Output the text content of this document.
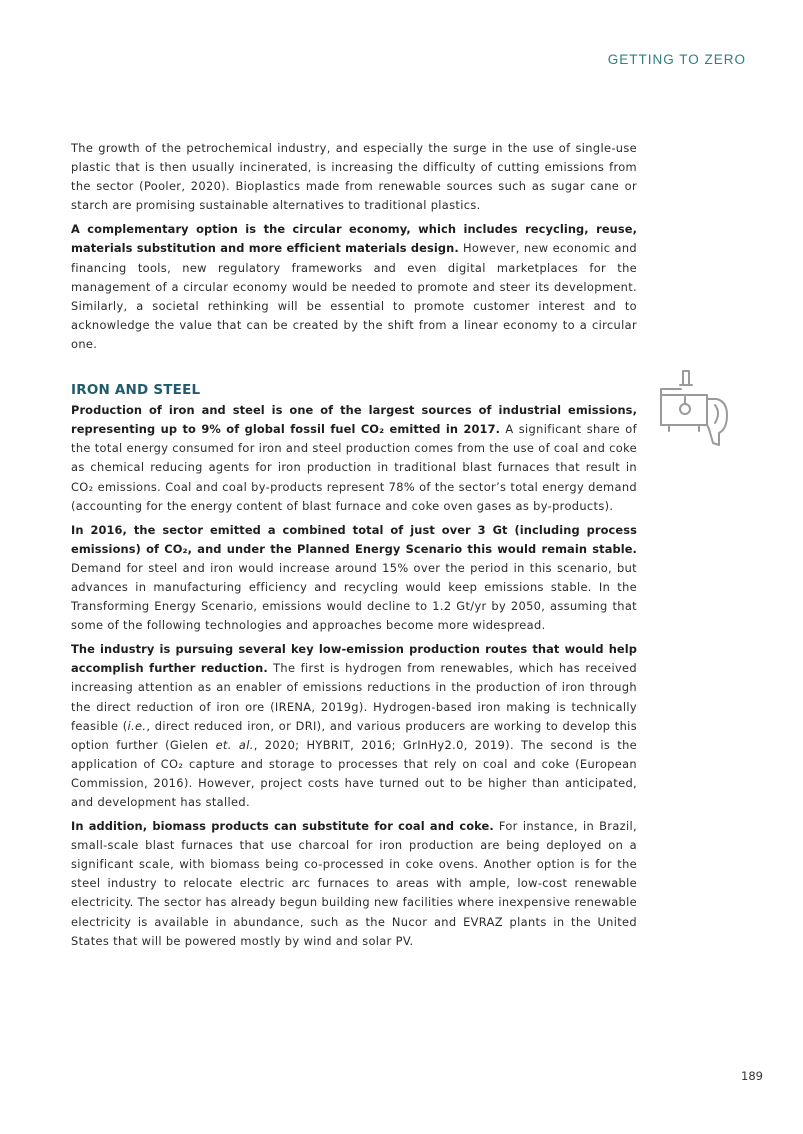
GETTING TO ZERO

The growth of the petrochemical industry, and especially the surge in the use of single-use plastic that is then usually incinerated, is increasing the difficulty of cutting emissions from the sector (Pooler, 2020). Bioplastics made from renewable sources such as sugar cane or starch are promising sustainable alternatives to traditional plastics.

A complementary option is the circular economy, which includes recycling, reuse, materials substitution and more efficient materials design. However, new economic and financing tools, new regulatory frameworks and even digital marketplaces for the management of a circular economy would be needed to promote and steer its development. Similarly, a societal rethinking will be essential to promote customer interest and to acknowledge the value that can be created by the shift from a linear economy to a circular one.

IRON AND STEEL

Production of iron and steel is one of the largest sources of industrial emissions, representing up to 9% of global fossil fuel CO₂ emitted in 2017. A significant share of the total energy consumed for iron and steel production comes from the use of coal and coke as chemical reducing agents for iron production in traditional blast furnaces that result in CO₂ emissions. Coal and coal by-products represent 78% of the sector’s total energy demand (accounting for the energy content of blast furnace and coke oven gases as by-products).

In 2016, the sector emitted a combined total of just over 3 Gt (including process emissions) of CO₂, and under the Planned Energy Scenario this would remain stable. Demand for steel and iron would increase around 15% over the period in this scenario, but advances in manufacturing efficiency and recycling would keep emissions stable. In the Transforming Energy Scenario, emissions would decline to 1.2 Gt/yr by 2050, assuming that some of the following technologies and approaches become more widespread.

The industry is pursuing several key low-emission production routes that would help accomplish further reduction. The first is hydrogen from renewables, which has received increasing attention as an enabler of emissions reductions in the production of iron through the direct reduction of iron ore (IRENA, 2019g). Hydrogen-based iron making is technically feasible (i.e., direct reduced iron, or DRI), and various producers are working to develop this option further (Gielen et. al., 2020; HYBRIT, 2016; GrInHy2.0, 2019). The second is the application of CO₂ capture and storage to processes that rely on coal and coke (European Commission, 2016). However, project costs have turned out to be higher than anticipated, and development has stalled.

In addition, biomass products can substitute for coal and coke. For instance, in Brazil, small-scale blast furnaces that use charcoal for iron production are being deployed on a significant scale, with biomass being co-processed in coke ovens. Another option is for the steel industry to relocate electric arc furnaces to areas with ample, low-cost renewable electricity. The sector has already begun building new facilities where inexpensive renewable electricity is available in abundance, such as the Nucor and EVRAZ plants in the United States that will be powered mostly by wind and solar PV.

189
